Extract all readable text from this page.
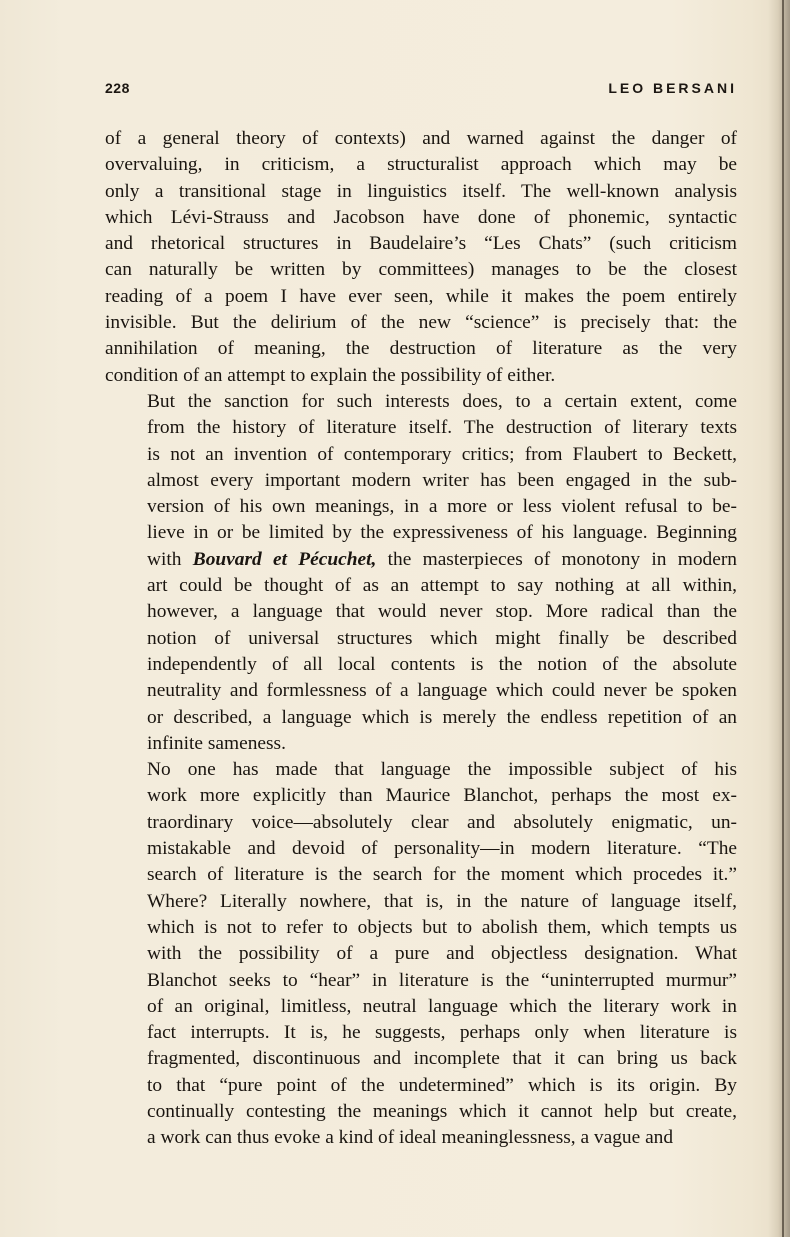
228	LEO BERSANI

of a general theory of contexts) and warned against the danger of
overvaluing, in criticism, a structuralist approach which may be
only a transitional stage in linguistics itself. The well-known analysis
which Lévi-Strauss and Jacobson have done of phonemic, syntactic
and rhetorical structures in Baudelaire’s “Les Chats” (such criticism
can naturally be written by committees) manages to be the closest
reading of a poem I have ever seen, while it makes the poem entirely
invisible. But the delirium of the new “science” is precisely that: the
annihilation of meaning, the destruction of literature as the very
condition of an attempt to explain the possibility of either.

But the sanction for such interests does, to a certain extent, come
from the history of literature itself. The destruction of literary texts
is not an invention of contemporary critics; from Flaubert to Beckett,
almost every important modern writer has been engaged in the sub-
version of his own meanings, in a more or less violent refusal to be-
lieve in or be limited by the expressiveness of his language. Beginning
with Bouvard et Pécuchet, the masterpieces of monotony in modern
art could be thought of as an attempt to say nothing at all within,
however, a language that would never stop. More radical than the
notion of universal structures which might finally be described
independently of all local contents is the notion of the absolute
neutrality and formlessness of a language which could never be spoken
or described, a language which is merely the endless repetition of an
infinite sameness.

No one has made that language the impossible subject of his
work more explicitly than Maurice Blanchot, perhaps the most ex-
traordinary voice—absolutely clear and absolutely enigmatic, un-
mistakable and devoid of personality—in modern literature. “The
search of literature is the search for the moment which procedes it.”
Where? Literally nowhere, that is, in the nature of language itself,
which is not to refer to objects but to abolish them, which tempts us
with the possibility of a pure and objectless designation. What
Blanchot seeks to “hear” in literature is the “uninterrupted murmur”
of an original, limitless, neutral language which the literary work in
fact interrupts. It is, he suggests, perhaps only when literature is
fragmented, discontinuous and incomplete that it can bring us back
to that “pure point of the undetermined” which is its origin. By
continually contesting the meanings which it cannot help but create,
a work can thus evoke a kind of ideal meaninglessness, a vague and
